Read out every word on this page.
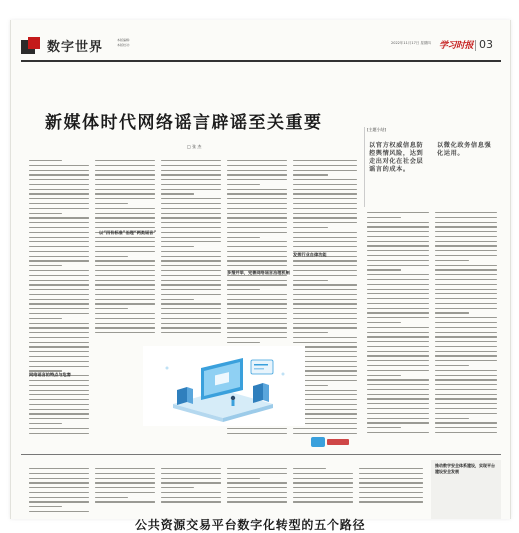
数字世界	本版编辑：
本版校对：	2022年11月17日 星期四 学习时报 03
新媒体时代网络谣言辟谣至关重要
□ 张 杰
[主题小结]
以官方权威信息防控舆情风险，达到走出对化在社会层谣言的成本。
以微化政务信息强化运用。
网络谣言的特点与危害
以“四有标准”治理“两类谣言”
多措并举，完善网络谣言治理机制
发挥行业自律功能
公共资源交易平台数字化转型的五个路径
推动数字安全体系建设，实现平台建设安全发展
